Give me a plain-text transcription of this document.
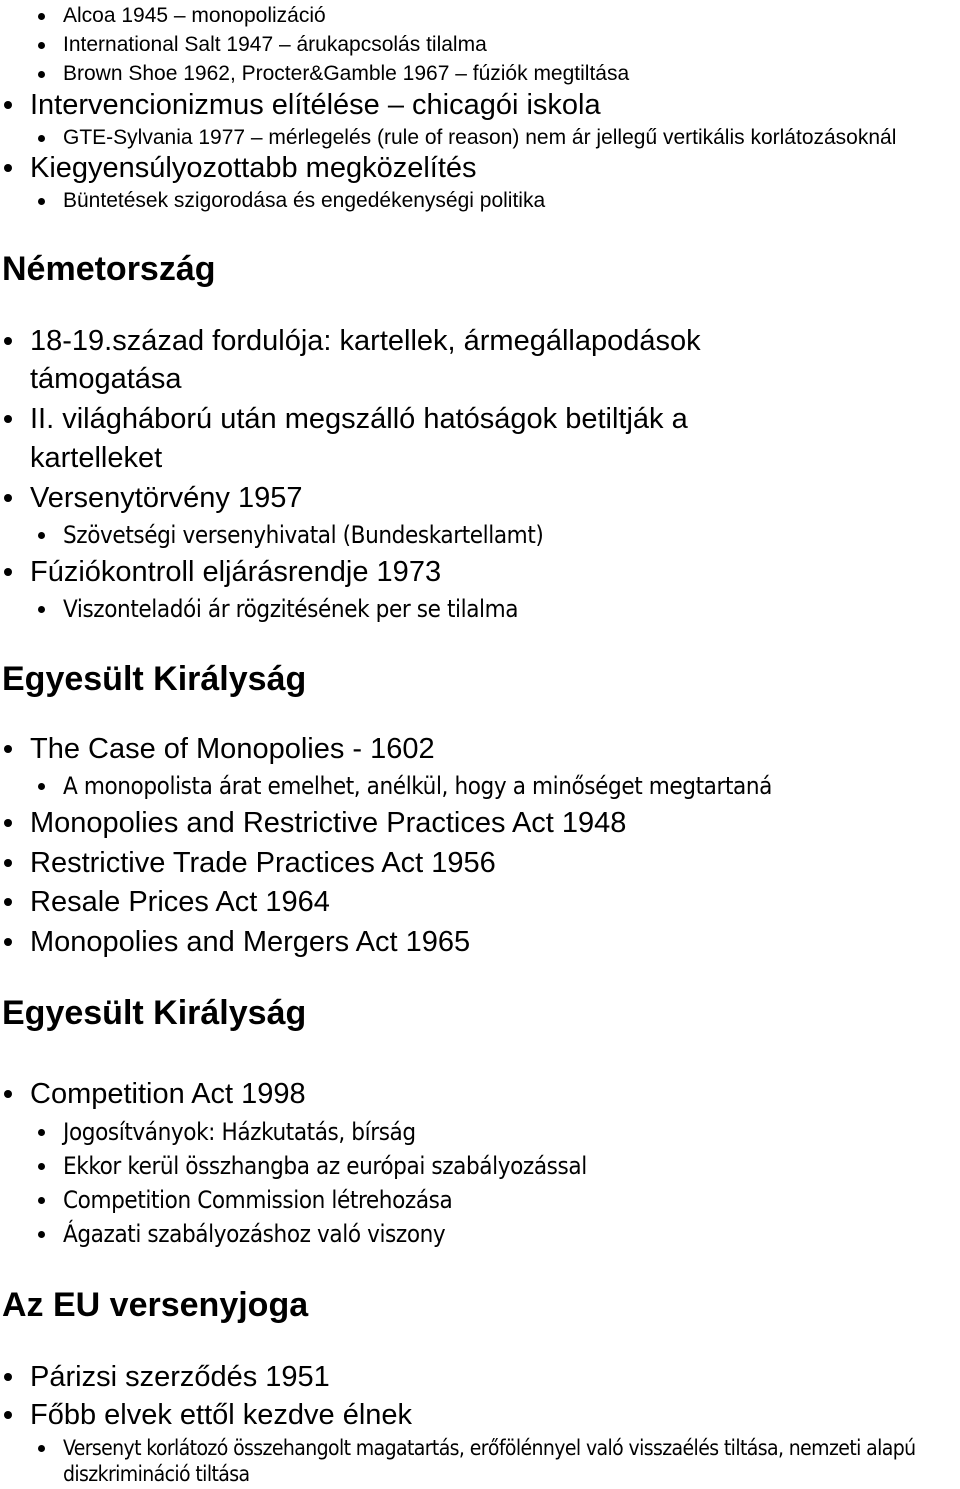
Alcoa 1945 – monopolizáció
International Salt 1947 – árukapcsolás tilalma
Brown Shoe 1962, Procter&Gamble 1967 – fúziók megtiltása
Intervencionizmus elítélése – chicagói iskola
GTE-Sylvania 1977 – mérlegelés (rule of reason) nem ár jellegű vertikális korlátozásoknál
Kiegyensúlyozottabb megközelítés
Büntetések szigorodása és engedékenységi politika
Németország
18-19.század fordulója: kartellek, ármegállapodások
támogatása
II. világháború után megszálló hatóságok betiltják a
kartelleket
Versenytörvény 1957
Szövetségi versenyhivatal (Bundeskartellamt)
Fúziókontroll eljárásrendje 1973
Viszonteladói ár rögzitésének per se tilalma
Egyesült Királyság
The Case of Monopolies - 1602
A monopolista árat emelhet, anélkül, hogy a minőséget megtartaná
Monopolies and Restrictive Practices Act 1948
Restrictive Trade Practices Act 1956
Resale Prices Act 1964
Monopolies and Mergers Act 1965
Egyesült Királyság
Competition Act 1998
Jogosítványok: Házkutatás, bírság
Ekkor kerül összhangba az európai szabályozással
Competition Commission létrehozása
Ágazati szabályozáshoz való viszony
Az EU versenyjoga
Párizsi szerződés 1951
Főbb elvek ettől kezdve élnek
Versenyt korlátozó összehangolt magatartás, erőfölénnyel való visszaélés tiltása, nemzeti alapú
diszkrimináció tiltása
